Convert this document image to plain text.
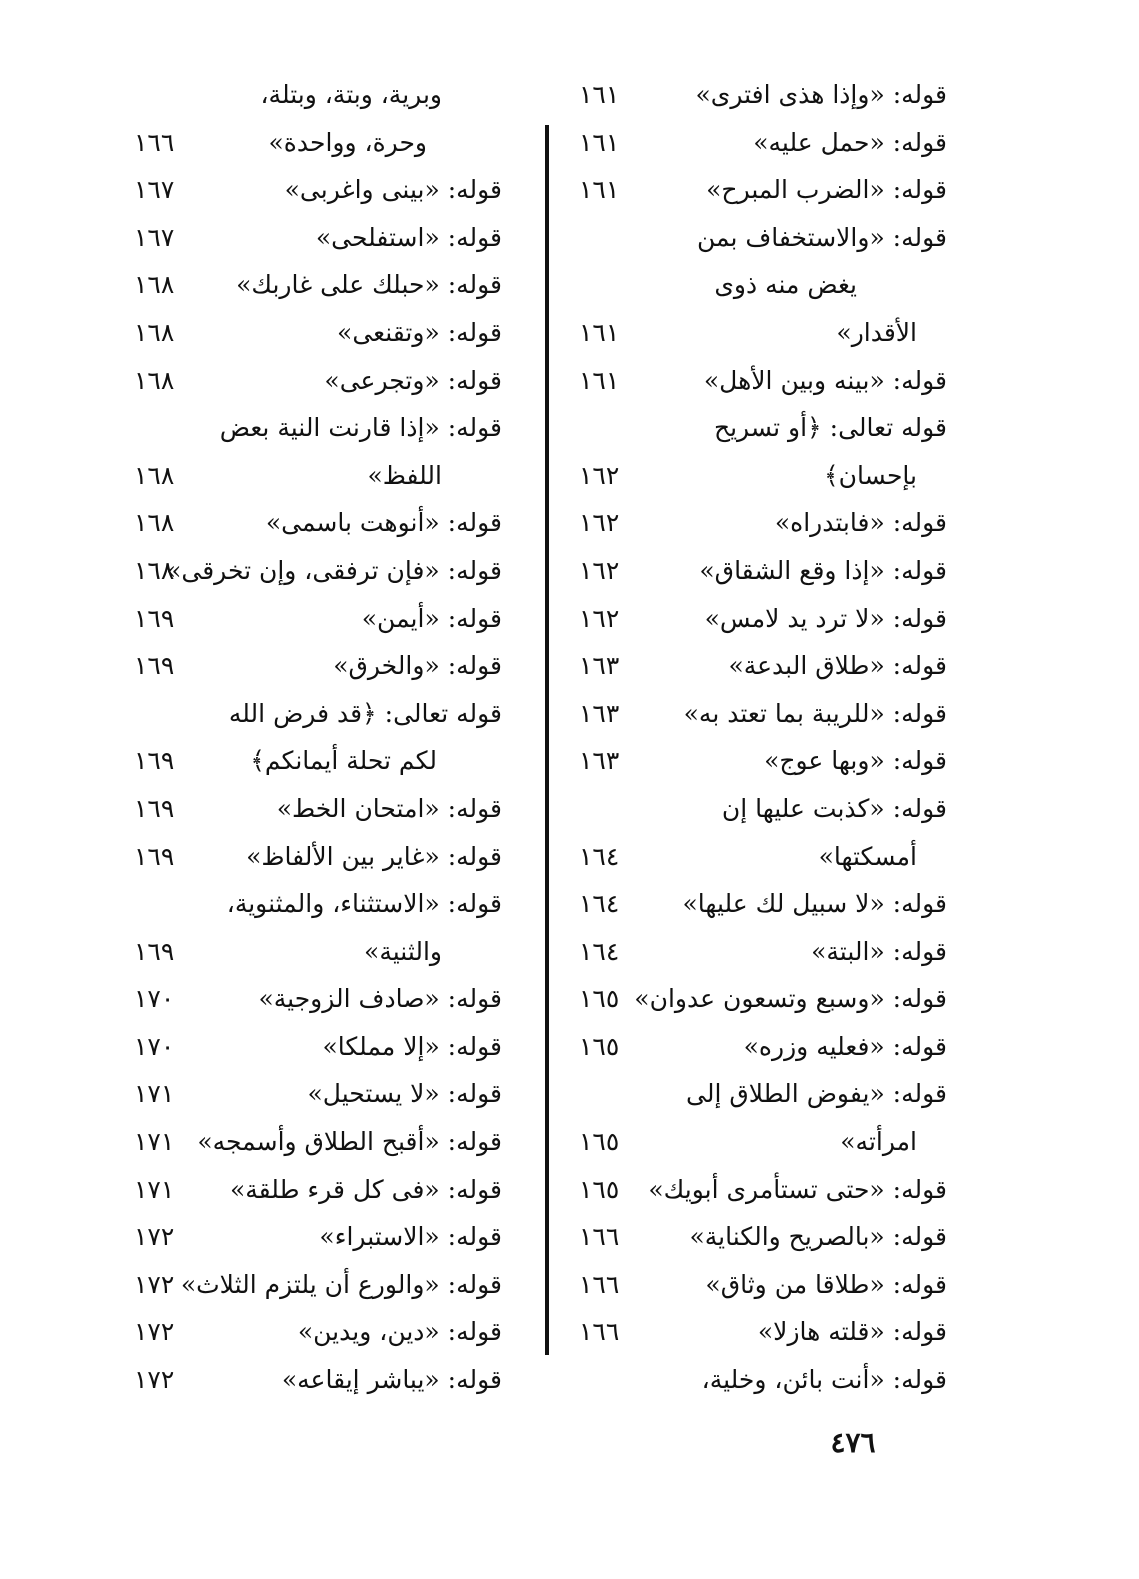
قوله: «وإذا هذى افترى»
١٦١
قوله: «حمل عليه»
١٦١
قوله: «الضرب المبرح»
١٦١
قوله: «والاستخفاف بمن
يغض منه ذوى
الأقدار»
١٦١
قوله: «بينه وبين الأهل»
١٦١
قوله تعالى: ﴿أو تسريح
بإحسان﴾
١٦٢
قوله: «فابتدراه»
١٦٢
قوله: «إذا وقع الشقاق»
١٦٢
قوله: «لا ترد يد لامس»
١٦٢
قوله: «طلاق البدعة»
١٦٣
قوله: «للريبة بما تعتد به»
١٦٣
قوله: «وبها عوج»
١٦٣
قوله: «كذبت عليها إن
أمسكتها»
١٦٤
قوله: «لا سبيل لك عليها»
١٦٤
قوله: «البتة»
١٦٤
قوله: «وسبع وتسعون عدوان»
١٦٥
قوله: «فعليه وزره»
١٦٥
قوله: «يفوض الطلاق إلى
امرأته»
١٦٥
قوله: «حتى تستأمرى أبويك»
١٦٥
قوله: «بالصريح والكناية»
١٦٦
قوله: «طلاقا من وثاق»
١٦٦
قوله: «قلته هازلا»
١٦٦
قوله: «أنت بائن، وخلية،
وبرية، وبتة، وبتلة،
وحرة، وواحدة»
١٦٦
قوله: «بينى واغربى»
١٦٧
قوله: «استفلحى»
١٦٧
قوله: «حبلك على غاربك»
١٦٨
قوله: «وتقنعى»
١٦٨
قوله: «وتجرعى»
١٦٨
قوله: «إذا قارنت النية بعض
اللفظ»
١٦٨
قوله: «أنوهت باسمى»
١٦٨
قوله: «فإن ترفقى، وإن تخرقى»
١٦٨
قوله: «أيمن»
١٦٩
قوله: «والخرق»
١٦٩
قوله تعالى: ﴿قد فرض الله
لكم تحلة أيمانكم﴾
١٦٩
قوله: «امتحان الخط»
١٦٩
قوله: «غاير بين الألفاظ»
١٦٩
قوله: «الاستثناء، والمثنوية،
والثنية»
١٦٩
قوله: «صادف الزوجية»
١٧٠
قوله: «إلا مملكا»
١٧٠
قوله: «لا يستحيل»
١٧١
قوله: «أقبح الطلاق وأسمجه»
١٧١
قوله: «فى كل قرء طلقة»
١٧١
قوله: «الاستبراء»
١٧٢
قوله: «والورع أن يلتزم الثلاث»
١٧٢
قوله: «دين، ويدين»
١٧٢
قوله: «يباشر إيقاعه»
١٧٢
٤٧٦
